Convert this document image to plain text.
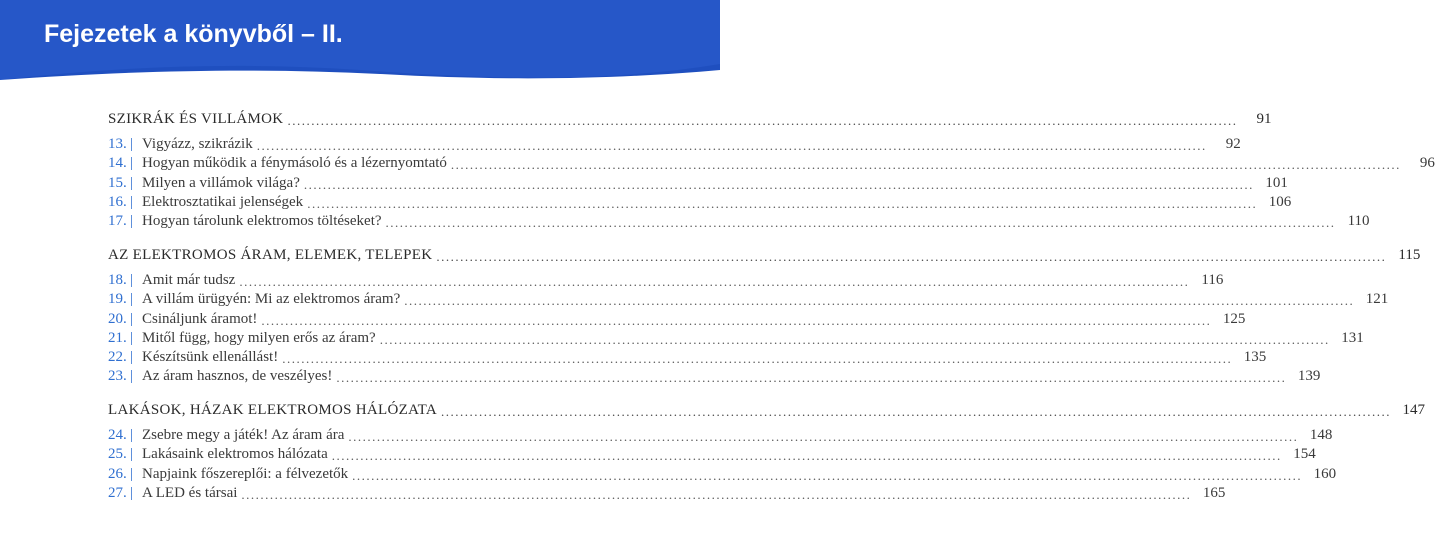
Fejezetek a könyvből – II.
SZIKRÁK ÉS VILLÁMOK ........................................................................................................................................................................................................	91
13. | Vigyázz, szikrázik ........................................................................................................................................................................................................	92
14. | Hogyan működik a fénymásoló és a lézernyomtató ........................................................................................................................................................................................................	96
15. | Milyen a villámok világa? ........................................................................................................................................................................................................ 101
16. | Elektrosztatikai jelenségek ........................................................................................................................................................................................................ 106
17. | Hogyan tárolunk elektromos töltéseket? ........................................................................................................................................................................................................ 110
AZ ELEKTROMOS ÁRAM, ELEMEK, TELEPEK ........................................................................................................................................................................................................ 115
18. | Amit már tudsz ........................................................................................................................................................................................................ 116
19. | A villám ürügyén: Mi az elektromos áram? ........................................................................................................................................................................................................ 121
20. | Csináljunk áramot! ........................................................................................................................................................................................................ 125
21. | Mitől függ, hogy milyen erős az áram? ........................................................................................................................................................................................................ 131
22. | Készítsünk ellenállást! ........................................................................................................................................................................................................ 135
23. | Az áram hasznos, de veszélyes! ........................................................................................................................................................................................................ 139
LAKÁSOK, HÁZAK ELEKTROMOS HÁLÓZATA ........................................................................................................................................................................................................ 147
24. | Zsebre megy a játék! Az áram ára ........................................................................................................................................................................................................ 148
25. | Lakásaink elektromos hálózata ........................................................................................................................................................................................................ 154
26. | Napjaink főszereplői: a félvezetők ........................................................................................................................................................................................................ 160
27. | A LED és társai ........................................................................................................................................................................................................ 165
